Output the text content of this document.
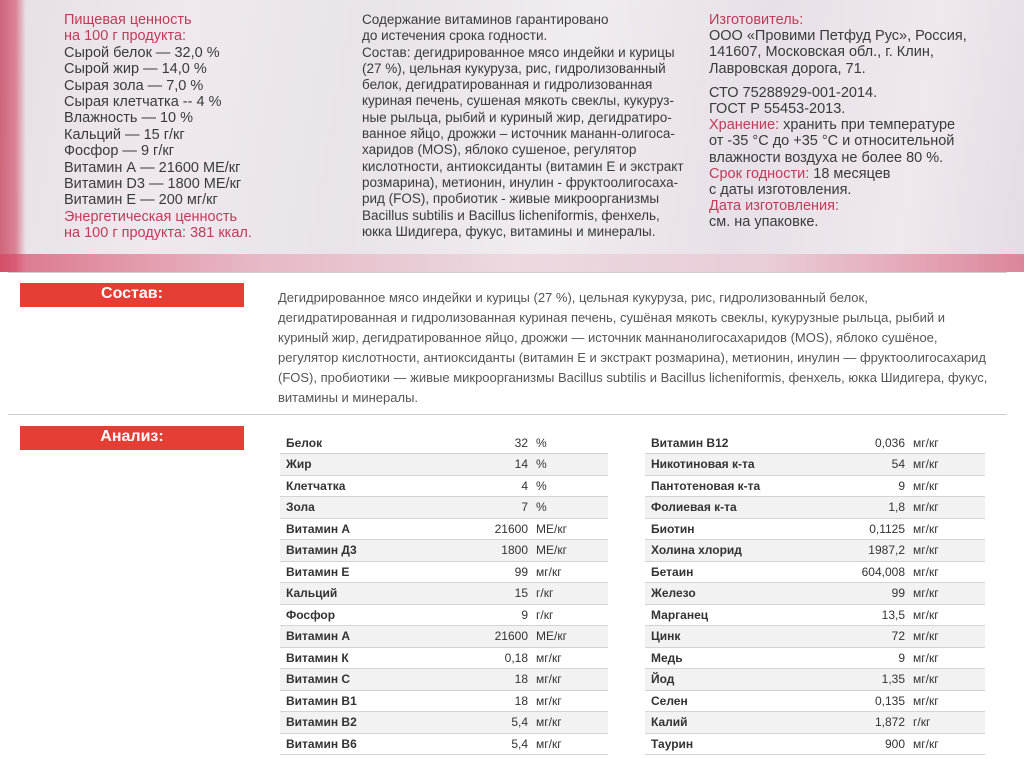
Пищевая ценность
на 100 г продукта:
Сырой белок — 32,0 %
Сырой жир — 14,0 %
Сырая зола — 7,0 %
Сырая клетчатка -- 4 %
Влажность — 10 %
Кальций — 15 г/кг
Фосфор — 9 г/кг
Витамин А — 21600 МЕ/кг
Витамин D3 — 1800 МЕ/кг
Витамин Е — 200 мг/кг
Энергетическая ценность
на 100 г продукта: 381 ккал.
Содержание витаминов гарантировано
до истечения срока годности.
Состав: дегидрированное мясо индейки и курицы
(27 %), цельная кукуруза, рис, гидролизованный
белок, дегидратированная и гидролизованная
куриная печень, сушеная мякоть свеклы, кукуруз-
ные рыльца, рыбий и куриный жир, дегидратиро-
ванное яйцо, дрожжи – источник мананн-олигоса-
харидов (MOS), яблоко сушеное, регулятор
кислотности, антиоксиданты (витамин Е и экстракт
розмарина), метионин, инулин - фруктоолигосаха-
рид (FOS), пробиотик - живые микроорганизмы
Bacillus subtilis и Bacillus licheniformis, фенхель,
юкка Шидигера, фукус, витамины и минералы.
Изготовитель:
ООО «Провими Петфуд Рус», Россия,
141607, Московская обл., г. Клин,
Лавровская дорога, 71.
СТО 75288929-001-2014.
ГОСТ Р 55453-2013.
Хранение: хранить при температуре
от -35 °С до +35 °С и относительной
влажности воздуха не более 80 %.
Срок годности: 18 месяцев
с даты изготовления.
Дата изготовления:
см. на упаковке.
Состав:	Дегидрированное мясо индейки и курицы (27 %), цельная кукуруза, рис, гидролизованный белок, дегидратированная и гидролизованная куриная печень, сушёная мякоть свеклы, кукурузные рыльца, рыбий и куриный жир, дегидратированное яйцо, дрожжи — источник маннанолигосахаридов (MOS), яблоко сушёное, регулятор кислотности, антиоксиданты (витамин Е и экстракт розмарина), метионин, инулин — фруктоолигосахарид (FOS), пробиотики — живые микроорганизмы Bacillus subtilis и Bacillus licheniformis, фенхель, юкка Шидигера, фукус, витамины и минералы.
Анализ:	Белок	32	%
Жир	14	%
Клетчатка	4	%
Зола	7	%
Витамин А	21600	МЕ/кг
Витамин Д3	1800	МЕ/кг
Витамин Е	99	мг/кг
Кальций	15	г/кг
Фосфор	9	г/кг
Витамин А	21600	МЕ/кг
Витамин К	0,18	мг/кг
Витамин С	18	мг/кг
Витамин В1	18	мг/кг
Витамин В2	5,4	мг/кг
Витамин В6	5,4	мг/кг
Витамин В12	0,036	мг/кг
Никотиновая к-та	54	мг/кг
Пантотеновая к-та	9	мг/кг
Фолиевая к-та	1,8	мг/кг
Биотин	0,1125	мг/кг
Холина хлорид	1987,2	мг/кг
Бетаин	604,008	мг/кг
Железо	99	мг/кг
Марганец	13,5	мг/кг
Цинк	72	мг/кг
Медь	9	мг/кг
Йод	1,35	мг/кг
Селен	0,135	мг/кг
Калий	1,872	г/кг
Таурин	900	мг/кг
